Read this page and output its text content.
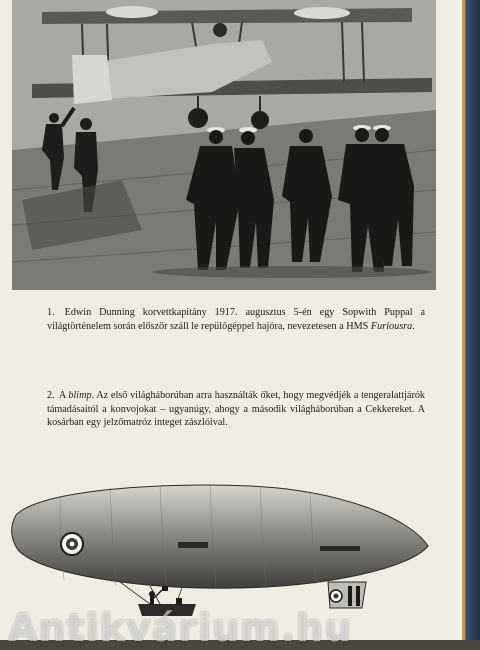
1. Edwin Dunning korvettkapitány 1917. augusztus 5-én egy Sopwith Puppal a világtörténelem során először száll le repülőgéppel hajóra, nevezetesen a HMS Furiousra.

2. A blimp. Az első világháborúban arra használták őket, hogy megvédjék a tengeralattjárók támadásaitól a konvojokat – ugyanúgy, ahogy a második világháborúban a Cekkereket. A kosárban egy jelzőmatróz integet zászlóival.

Antikvárium.hu
